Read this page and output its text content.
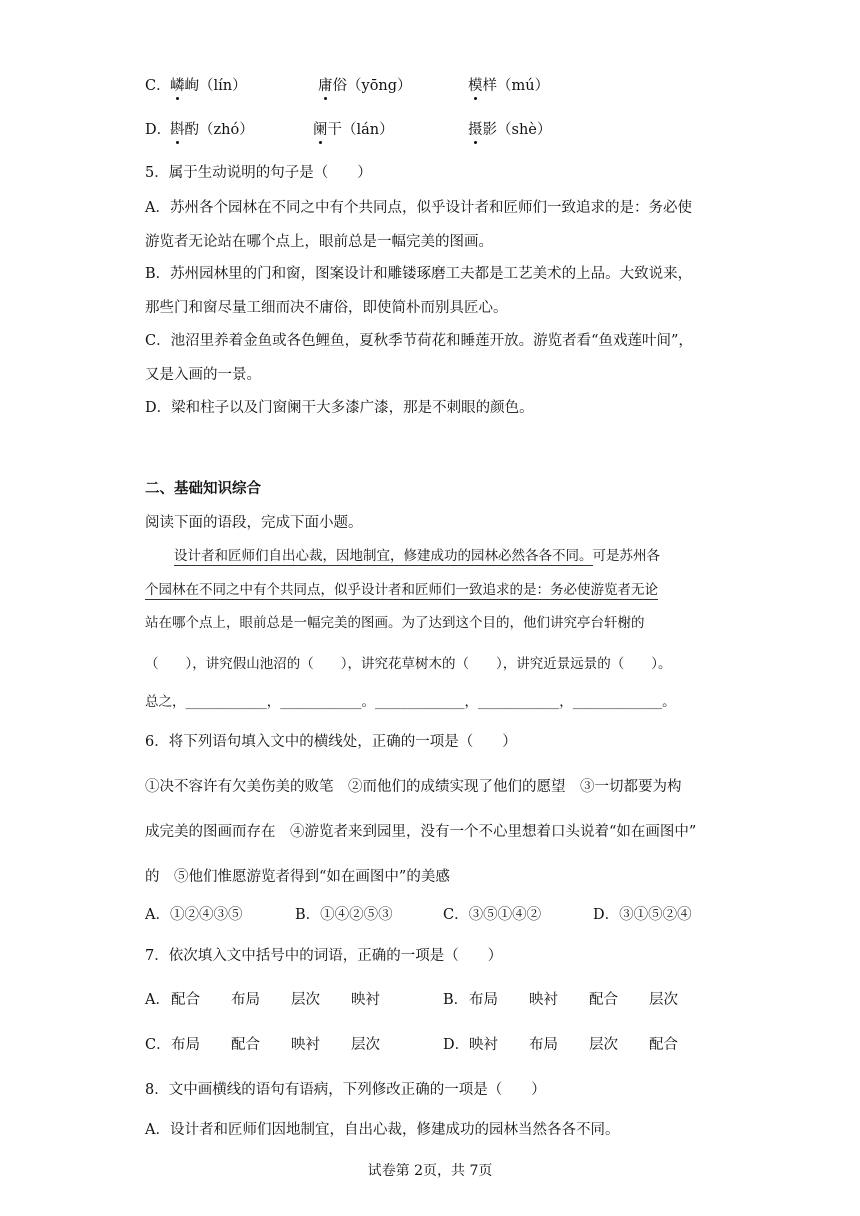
C． 嶙峋（lín）	庸俗（yōng）	模样（mú）
D．
斟酌（zhó）	阑干（lán）	摄影（shè）
5．属于生动说明的句子是（　　）
A．苏州各个园林在不同之中有个共同点，似乎设计者和匠师们一致追求的是：务必使
游览者无论站在哪个点上，眼前总是一幅完美的图画。
B．苏州园林里的门和窗，图案设计和雕镂琢磨工夫都是工艺美术的上品。大致说来，
那些门和窗尽量工细而决不庸俗，即使简朴而别具匠心。
C．池沼里养着金鱼或各色鲤鱼，夏秋季节荷花和睡莲开放。游览者看“鱼戏莲叶间”，
又是入画的一景。
D．梁和柱子以及门窗阑干大多漆广漆，那是不刺眼的颜色。
二、基础知识综合
阅读下面的语段，完成下面小题。
设计者和匠师们自出心裁，因地制宜，修建成功的园林必然各各不同。可是苏州各
个园林在不同之中有个共同点，似乎设计者和匠师们一致追求的是：务必使游览者无论
站在哪个点上，眼前总是一幅完美的图画。为了达到这个目的，他们讲究亭台轩榭的
（　　），讲究假山池沼的（　　），讲究花草树木的（　　），讲究近景远景的（　　）。
总之，__________，__________。___________，__________，___________。
6．将下列语句填入文中的横线处，正确的一项是（　　）
①决不容许有欠美伤美的败笔　②而他们的成绩实现了他们的愿望　③一切都要为构
成完美的图画而存在　④游览者来到园里，没有一个不心里想着口头说着“如在画图中”
的　⑤他们惟愿游览者得到“如在画图中”的美感
A．①②④③⑤	B．①④②⑤③	C．③⑤①④②	D．③①⑤②④
7．依次填入文中括号中的词语，正确的一项是（　　）
A． 配合 布局 层次 映衬	B． 布局 映衬 配合 层次
C． 布局 配合 映衬 层次	D． 映衬 布局 层次 配合
8．文中画横线的语句有语病，下列修改正确的一项是（　　）
A．设计者和匠师们因地制宜，自出心裁，修建成功的园林当然各各不同。
试卷第 2页，共 7页
